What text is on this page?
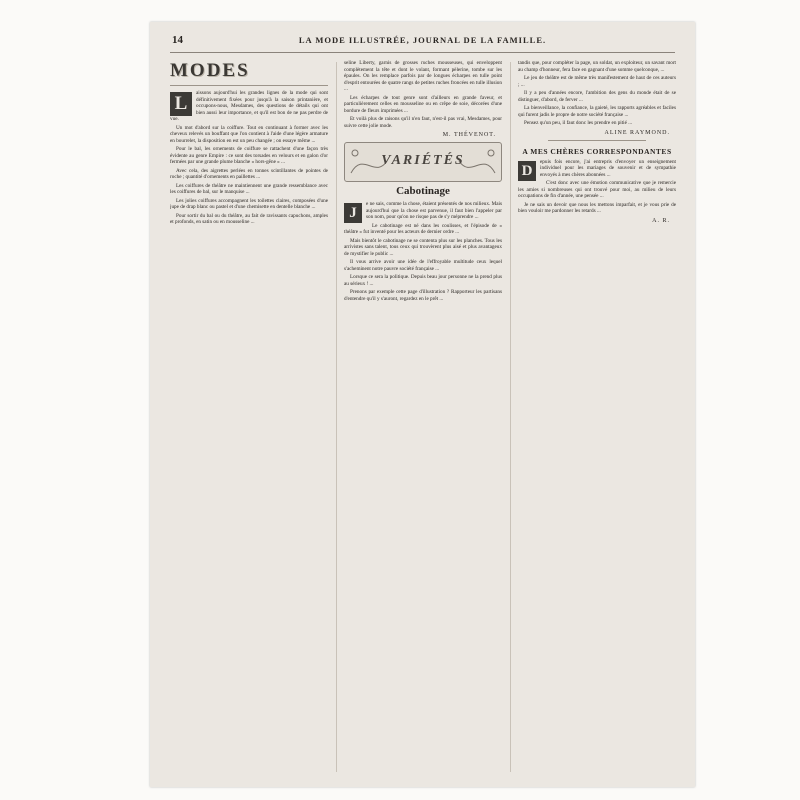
14	LA MODE ILLUSTRÉE, JOURNAL DE LA FAMILLE.
MODES
L	aissons aujourd'hui les grandes lignes de la mode qui sont définitivement fixées pour jusqu'à la saison printanière, et occupons-nous, Mesdames, des questions de détails qui ont bien aussi leur importance, et qu'il est bon de ne pas perdre de vue.

Un mot d'abord sur la coiffure. Tout en continuant à former avec les cheveux relevés un bouffant que l'on contient à l'aide d'une légère armature en bourrelet, la disposition en est un peu changée ; on essaye même ...

Pour le bal, les ornements de coiffure se rattachent d'une façon très évidente au genre Empire : ce sont des torsades en velours et en galon d'or fermées par une grande plume blanche « hors-gêne » ...

Avec cela, des aigrettes perlées en tonnes scintillantes de pointes de roche ; quantité d'ornements en paillettes ...

Les coiffures de théâtre ne maintiennent une grande ressemblance avec les coiffures de bal, sur le manquise ...

Les jolies coiffures accompagnent les toilettes claires, composées d'une jupe de drap blanc ou pastel et d'une chemisette en dentelle blanche ...

Pour sortir du bal ou du théâtre, au fait de ravissants capuchons, amples et profonds, en satin ou en mousseline ...

seline Liberty, garnis de grosses ruches mousseuses, qui enveloppent complètement la tête et dont le volant, formant pèlerine, tombe sur les épaules. On les remplace parfois par de longues écharpes en tulle point d'esprit entourées de quatre rangs de petites ruches froncées en tulle illusion ...

Les écharpes de tout genre sont d'ailleurs en grande faveur, et particulièrement celles en mousseline ou en crêpe de soie, décorées d'une bordure de fleurs imprimées ...

Et voilà plus de raisons qu'il n'en faut, n'est-il pas vrai, Mesdames, pour suivre cette jolie mode.

M. THÉVENOT.
VARIÉTÉS
Cabotinage
J
e ne sais, comme la chose, étaient présentés de nos milieux. Mais aujourd'hui que la chose est parvenue, il faut bien l'appeler par son nom, pour qu'on ne risque pas de s'y méprendre ...

Le cabotinage est né dans les coulisses, et l'épisode de « théâtre » fut inventé pour les acteurs de dernier ordre ...

Mais bientôt le cabotinage ne se contenta plus sur les planches. Tous les arrivistes sans talent, tous ceux qui trouvèrent plus aisé et plus avantageux de mystifier le public ...

Il vous arrive avoir une idée de l'effroyable multitude ceux lequel s'acheminent notre pauvre société française ...

Lorsque ce sera la politique. Depuis beau jour personne ne la prend plus au sérieux ! ...

Prenons par exemple cette page d'illustration ? Rapporteur les partisans d'entendre qu'il y s'auront, regardez en le prêt ...

tandis que, pour compléter la page, un soldat, un exploiteur, un savant mort au champ d'honneur, fera face en gagnant d'une somme quelconque, ...

Le jeu de théâtre est de même très manifestement de haut de ces auteurs ; ...

Il y a peu d'années encore, l'ambition des gens du monde était de se distinguer, d'abord, de ferver ...

La bienveillance, la confiance, la gaieté, les rapports agréables et faciles qui furent jadis le propre de notre société française ...

Pensez qu'un peu, il faut donc les prendre en pitié ...

ALINE RAYMOND.
A MES CHÈRES CORRESPONDANTES
D
epuis fois encore, j'ai entrepris d'envoyer un enseignement individuel pour les mariages de souvenir et de sympathie envoyés à mes chères abonnées ...

C'est donc avec une émotion communicative que je remercie les amies si nombreuses qui ont trouvé pour moi, au milieu de leurs occupations de fin d'année, une pensée ...

Je ne sais un devoir que nous les mettons imparfait, et je vous prie de bien vouloir me pardonner les retards ...

A. R.
